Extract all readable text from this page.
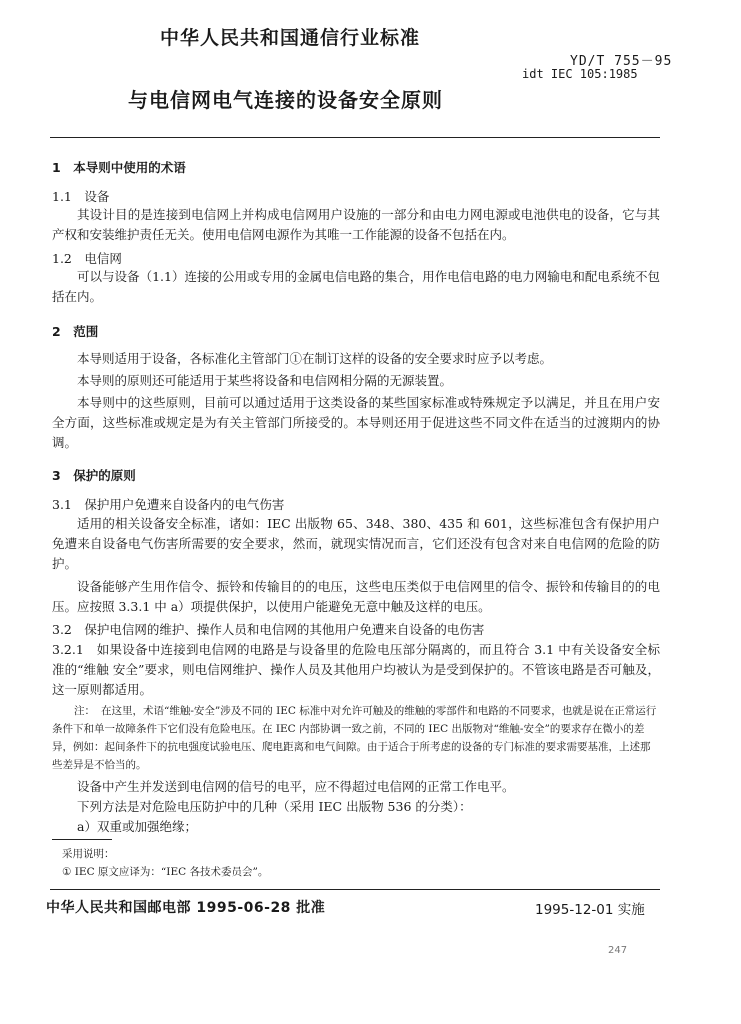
中华人民共和国通信行业标准
YD/T 755－95
idt IEC 105:1985
与电信网电气连接的设备安全原则
1　本导则中使用的术语
1.1　设备
其设计目的是连接到电信网上并构成电信网用户设施的一部分和由电力网电源或电池供电的设备，它与其产权和安装维护责任无关。使用电信网电源作为其唯一工作能源的设备不包括在内。
1.2　电信网
可以与设备（1.1）连接的公用或专用的金属电信电路的集合，用作电信电路的电力网输电和配电系统不包括在内。
2　范围
本导则适用于设备，各标准化主管部门①在制订这样的设备的安全要求时应予以考虑。
本导则的原则还可能适用于某些将设备和电信网相分隔的无源装置。
本导则中的这些原则，目前可以通过适用于这类设备的某些国家标准或特殊规定予以满足，并且在用户安全方面，这些标准或规定是为有关主管部门所接受的。本导则还用于促进这些不同文件在适当的过渡期内的协调。
3　保护的原则
3.1　保护用户免遭来自设备内的电气伤害
适用的相关设备安全标准，诸如：IEC 出版物 65、348、380、435 和 601，这些标准包含有保护用户免遭来自设备电气伤害所需要的安全要求，然而，就现实情况而言，它们还没有包含对来自电信网的危险的防护。
设备能够产生用作信令、振铃和传输目的的电压，这些电压类似于电信网里的信令、振铃和传输目的的电压。应按照 3.3.1 中 a）项提供保护，以使用户能避免无意中触及这样的电压。
3.2　保护电信网的维护、操作人员和电信网的其他用户免遭来自设备的电伤害
3.2.1　如果设备中连接到电信网的电路是与设备里的危险电压部分隔离的，而且符合 3.1 中有关设备安全标准的“维触 安全”要求，则电信网维护、操作人员及其他用户均被认为是受到保护的。不管该电路是否可触及，这一原则都适用。
注： 在这里，术语“维触-安全”涉及不同的 IEC 标准中对允许可触及的维触的零部件和电路的不同要求，也就是说在正常运行条件下和单一故障条件下它们没有危险电压。在 IEC 内部协调一致之前，不同的 IEC 出版物对“维触-安全”的要求存在微小的差异，例如：起间条件下的抗电强度试验电压、爬电距离和电气间隙。由于适合于所考虑的设备的专门标准的要求需要基准，上述那些差异是不恰当的。
设备中产生并发送到电信网的信号的电平，应不得超过电信网的正常工作电平。
下列方法是对危险电压防护中的几种（采用 IEC 出版物 536 的分类）：
a）双重或加强绝缘；
采用说明：
① IEC 原文应译为：“IEC 各技术委员会”。
中华人民共和国邮电部 1995-06-28 批准	1995-12-01 实施
247
